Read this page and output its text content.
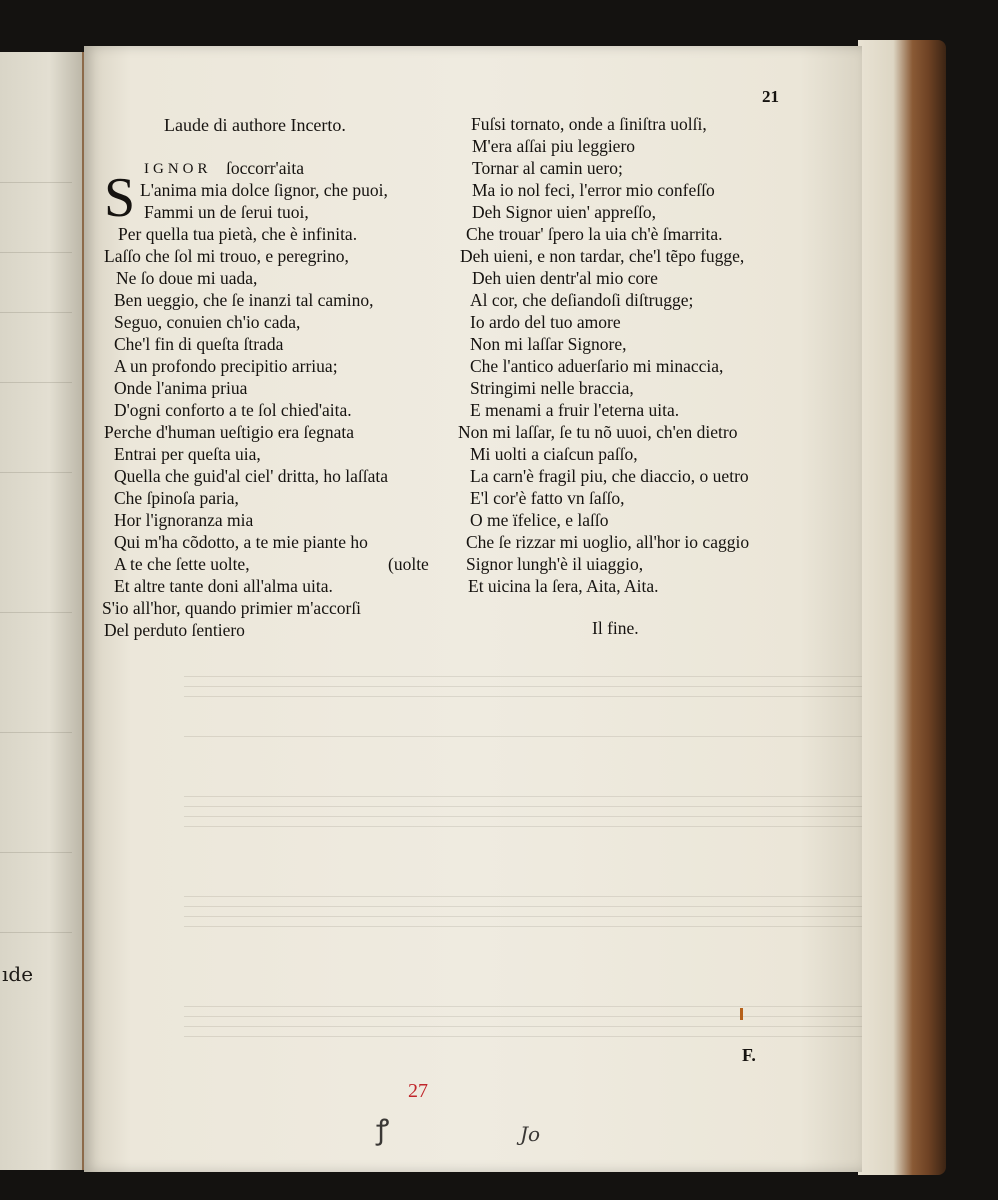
ıde
Laude di authore Incerto.
21
S IGNOR ſoccorr'aita
L'anima mia dolce ſignor, che puoi,
Fammi un de ſerui tuoi,
Per quella tua pietà, che è infinita.
Laſſo che ſol mi trouo, e peregrino,
Ne ſo doue mi uada,
Ben ueggio, che ſe inanzi tal camino,
Seguo, conuien ch'io cada,
Che'l fin di queſta ſtrada
A un profondo precipitio arriua;
Onde l'anima priua
D'ogni conforto a te ſol chied'aita.
Perche d'human ueſtigio era ſegnata
Entrai per queſta uia,
Quella che guid'al ciel' dritta, ho laſſata
Che ſpinoſa paria,
Hor l'ignoranza mia
Qui m'ha cõdotto, a te mie piante ho
A te che ſette uolte,	(uolte
Et altre tante doni all'alma uita.
S'io all'hor, quando primier m'accorſi
Del perduto ſentiero
Fuſsi tornato, onde a ſiniſtra uolſi,
M'era aſſai piu leggiero
Tornar al camin uero;
Ma io nol feci, l'error mio confeſſo
Deh Signor uien' appreſſo,
Che trouar' ſpero la uia ch'è ſmarrita.
Deh uieni, e non tardar, che'l tẽpo fugge,
Deh uien dentr'al mio core
Al cor, che deſiandoſi diſtrugge;
Io ardo del tuo amore
Non mi laſſar Signore,
Che l'antico aduerſario mi minaccia,
Stringimi nelle braccia,
E menami a fruir l'eterna uita.
Non mi laſſar, ſe tu nõ uuoi, ch'en dietro
Mi uolti a ciaſcun paſſo,
La carn'è fragil piu, che diaccio, o uetro
E'l cor'è fatto vn ſaſſo,
O me ïfelice, e laſſo
Che ſe rizzar mi uoglio, all'hor io caggio
Signor lungh'è il uiaggio,
Et uicina la ſera, Aita, Aita.
Il fine.
F.
27
ꝭ	Jo
